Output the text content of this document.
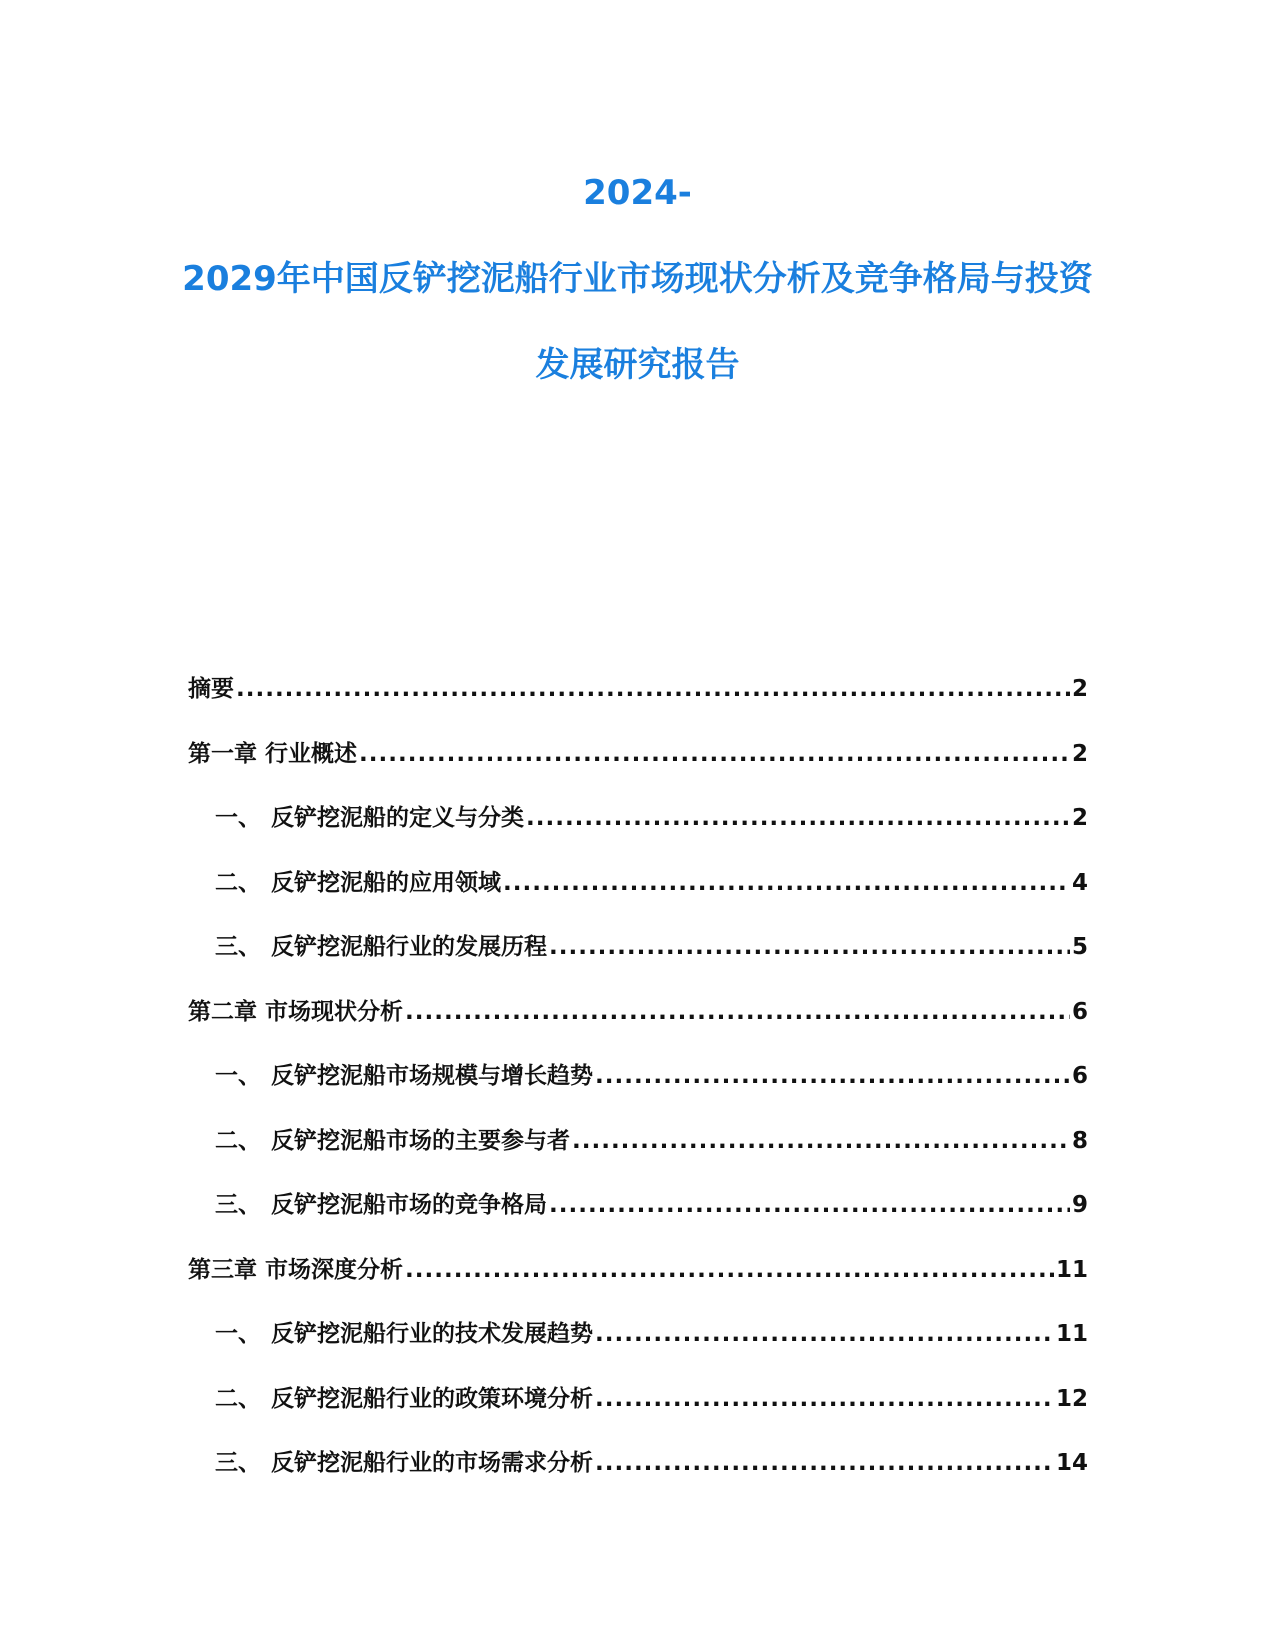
2024-
2029年中国反铲挖泥船行业市场现状分析及竞争格局与投资
发展研究报告
摘要 .....	2
第一章 行业概述 .....	2
一、 反铲挖泥船的定义与分类 .....	2
二、 反铲挖泥船的应用领域 .....	4
三、 反铲挖泥船行业的发展历程 .....	5
第二章 市场现状分析 .....	6
一、 反铲挖泥船市场规模与增长趋势 .....	6
二、 反铲挖泥船市场的主要参与者 .....	8
三、 反铲挖泥船市场的竞争格局 .....	9
第三章 市场深度分析 .....	11
一、 反铲挖泥船行业的技术发展趋势 .....	11
二、 反铲挖泥船行业的政策环境分析 .....	12
三、 反铲挖泥船行业的市场需求分析 .....	14
